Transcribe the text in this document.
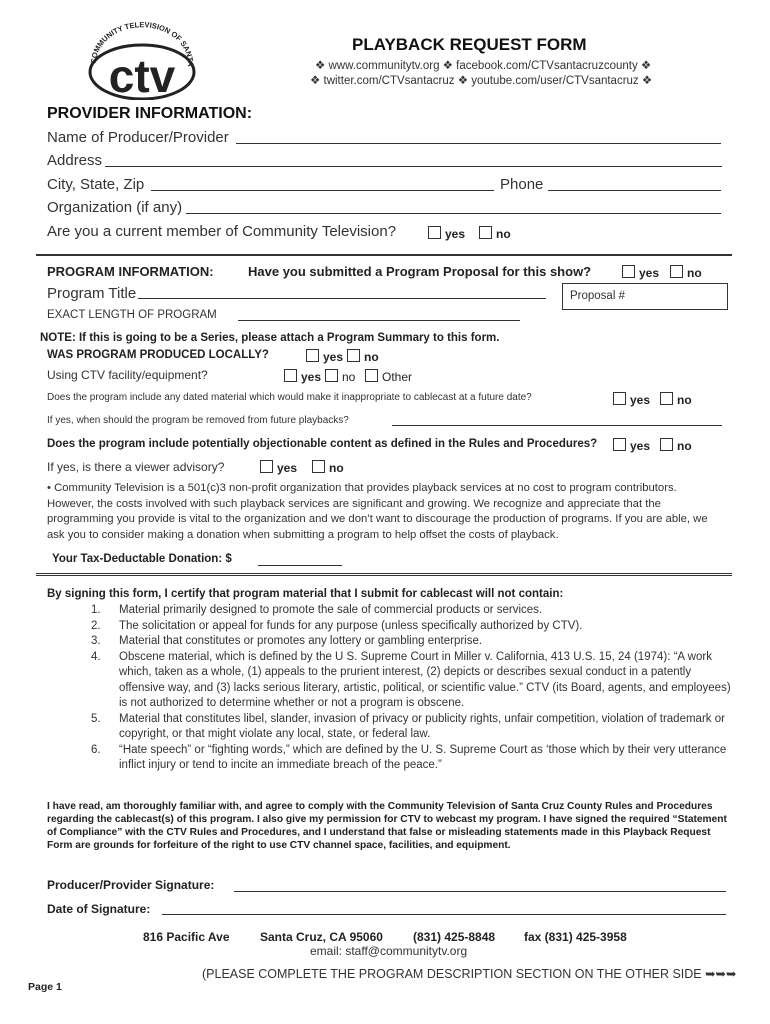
COMMUNITY TELEVISION OF SANTA
ctv
PLAYBACK REQUEST FORM
❖ www.communitytv.org ❖ facebook.com/CTVsantacruzcounty ❖
❖ twitter.com/CTVsantacruz ❖ youtube.com/user/CTVsantacruz ❖
PROVIDER INFORMATION:
Name of Producer/Provider
Address
City, State, Zip	Phone
Organization (if any)
Are you a current member of Community Television?	yes	no
PROGRAM INFORMATION:	Have you submitted a Program Proposal for this show?	yes	no
Program Title	Proposal #
EXACT LENGTH OF PROGRAM
NOTE: If this is going to be a Series, please attach a Program Summary to this form.
WAS PROGRAM PRODUCED LOCALLY?	yes	no
Using CTV facility/equipment?	yes	no	Other
Does the program include any dated material which would make it inappropriate to cablecast at a future date?	yes	no
If yes, when should the program be removed from future playbacks?
Does the program include potentially objectionable content as defined in the Rules and Procedures?	yes	no
If yes, is there a viewer advisory?	yes	no
• Community Television is a 501(c)3 non-profit organization that provides playback services at no cost to program contributors. However, the costs involved with such playback services are significant and growing. We recognize and appreciate that the programming you provide is vital to the organization and we don’t want to discourage the production of programs. If you are able, we ask you to consider making a donation when submitting a program to help offset the costs of playback.
Your Tax-Deductable Donation: $
By signing this form, I certify that program material that I submit for cablecast will not contain:
1. Material primarily designed to promote the sale of commercial products or services.
2. The solicitation or appeal for funds for any purpose (unless specifically authorized by CTV).
3. Material that constitutes or promotes any lottery or gambling enterprise.
4. Obscene material, which is defined by the U S. Supreme Court in Miller v. California, 413 U.S. 15, 24 (1974): “A work which, taken as a whole, (1) appeals to the prurient interest, (2) depicts or describes sexual conduct in a patently offensive way, and (3) lacks serious literary, artistic, political, or scientific value.” CTV (its Board, agents, and employees) is not authorized to determine whether or not a program is obscene.
5. Material that constitutes libel, slander, invasion of privacy or publicity rights, unfair competition, violation of trademark or copyright, or that might violate any local, state, or federal law.
6. “Hate speech” or “fighting words,” which are defined by the U. S. Supreme Court as ‘those which by their very utterance inflict injury or tend to incite an immediate breach of the peace.”
I have read, am thoroughly familiar with, and agree to comply with the Community Television of Santa Cruz County Rules and Procedures regarding the cablecast(s) of this program. I also give my permission for CTV to webcast my program. I have signed the required “Statement of Compliance” with the CTV Rules and Procedures, and I understand that false or misleading statements made in this Playback Request Form are grounds for forfeiture of the right to use CTV channel space, facilities, and equipment.
Producer/Provider Signature:
Date of Signature:
816 Pacific Ave	Santa Cruz, CA 95060	(831) 425-8848 fax (831) 425-3958
email: staff@communitytv.org
(PLEASE COMPLETE THE PROGRAM DESCRIPTION SECTION ON THE OTHER SIDE ➥➥➥
Page 1
